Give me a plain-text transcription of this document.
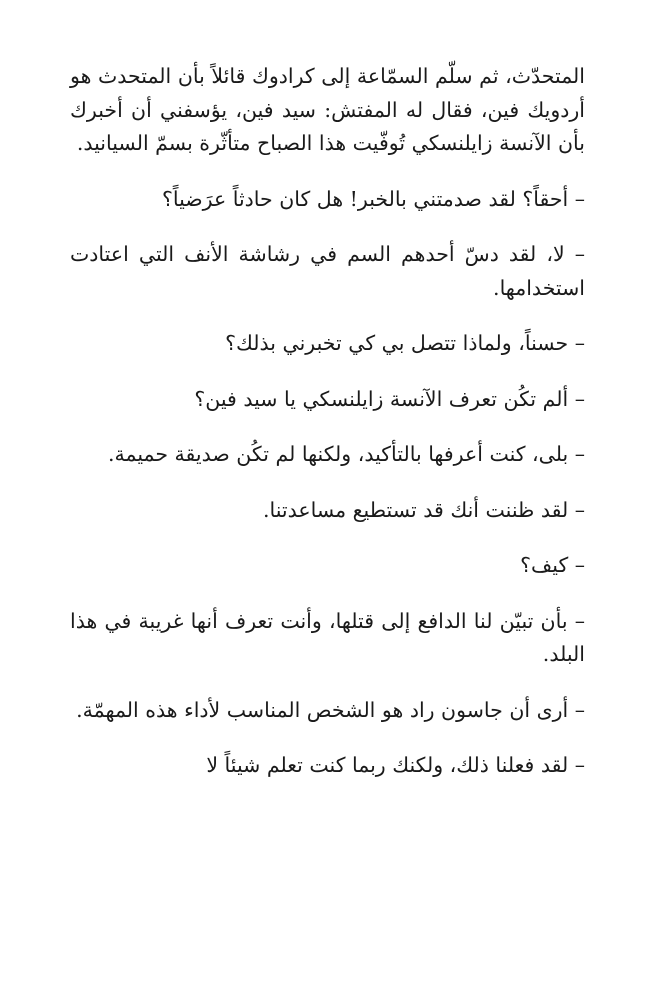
المتحدّث، ثم سلّم السمّاعة إلى كرادوك قائلاً بأن المتحدث هو أردويك فين، فقال له المفتش: سيد فين، يؤسفني أن أخبرك بأن الآنسة زايلنسكي تُوفّيت هذا الصباح متأثّرة بسمّ السيانيد.

– أحقاً؟ لقد صدمتني بالخبر! هل كان حادثاً عرَضياً؟

– لا، لقد دسّ أحدهم السم في رشاشة الأنف التي اعتادت استخدامها.

– حسناً، ولماذا تتصل بي كي تخبرني بذلك؟

– ألم تكُن تعرف الآنسة زايلنسكي يا سيد فين؟

– بلى، كنت أعرفها بالتأكيد، ولكنها لم تكُن صديقة حميمة.

– لقد ظننت أنك قد تستطيع مساعدتنا.

– كيف؟

– بأن تبيّن لنا الدافع إلى قتلها، وأنت تعرف أنها غريبة في هذا البلد.

– أرى أن جاسون راد هو الشخص المناسب لأداء هذه المهمّة.

– لقد فعلنا ذلك، ولكنك ربما كنت تعلم شيئاً لا
